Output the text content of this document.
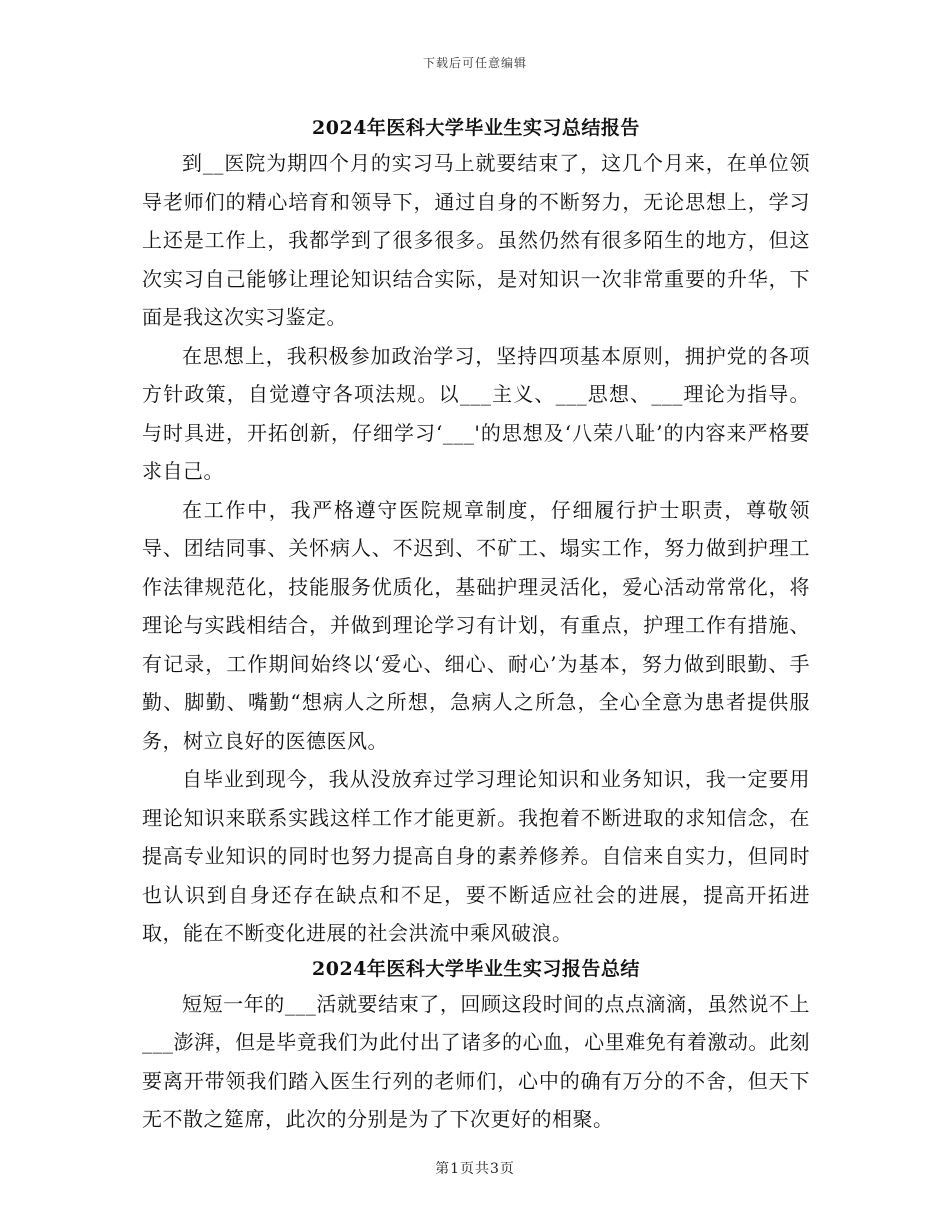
下载后可任意编辑
2024年医科大学毕业生实习总结报告

到__医院为期四个月的实习马上就要结束了，这几个月来，在单位领导老师们的精心培育和领导下，通过自身的不断努力，无论思想上，学习上还是工作上，我都学到了很多很多。虽然仍然有很多陌生的地方，但这次实习自己能够让理论知识结合实际，是对知识一次非常重要的升华，下面是我这次实习鉴定。

在思想上，我积极参加政治学习，坚持四项基本原则，拥护党的各项方针政策，自觉遵守各项法规。以___主义、___思想、___理论为指导。与时具进，开拓创新，仔细学习‘___'的思想及‘八荣八耻’的内容来严格要求自己。

在工作中，我严格遵守医院规章制度，仔细履行护士职责，尊敬领导、团结同事、关怀病人、不迟到、不矿工、塌实工作，努力做到护理工作法律规范化，技能服务优质化，基础护理灵活化，爱心活动常常化，将理论与实践相结合，并做到理论学习有计划，有重点，护理工作有措施、有记录，工作期间始终以‘爱心、细心、耐心’为基本，努力做到眼勤、手勤、脚勤、嘴勤“想病人之所想，急病人之所急，全心全意为患者提供服务，树立良好的医德医风。

自毕业到现今，我从没放弃过学习理论知识和业务知识，我一定要用理论知识来联系实践这样工作才能更新。我抱着不断进取的求知信念，在提高专业知识的同时也努力提高自身的素养修养。自信来自实力，但同时也认识到自身还存在缺点和不足，要不断适应社会的进展，提高开拓进取，能在不断变化进展的社会洪流中乘风破浪。

2024年医科大学毕业生实习报告总结

短短一年的___活就要结束了，回顾这段时间的点点滴滴，虽然说不上___澎湃，但是毕竟我们为此付出了诸多的心血，心里难免有着激动。此刻要离开带领我们踏入医生行列的老师们，心中的确有万分的不舍，但天下无不散之筵席，此次的分别是为了下次更好的相聚。

第1页共3页
